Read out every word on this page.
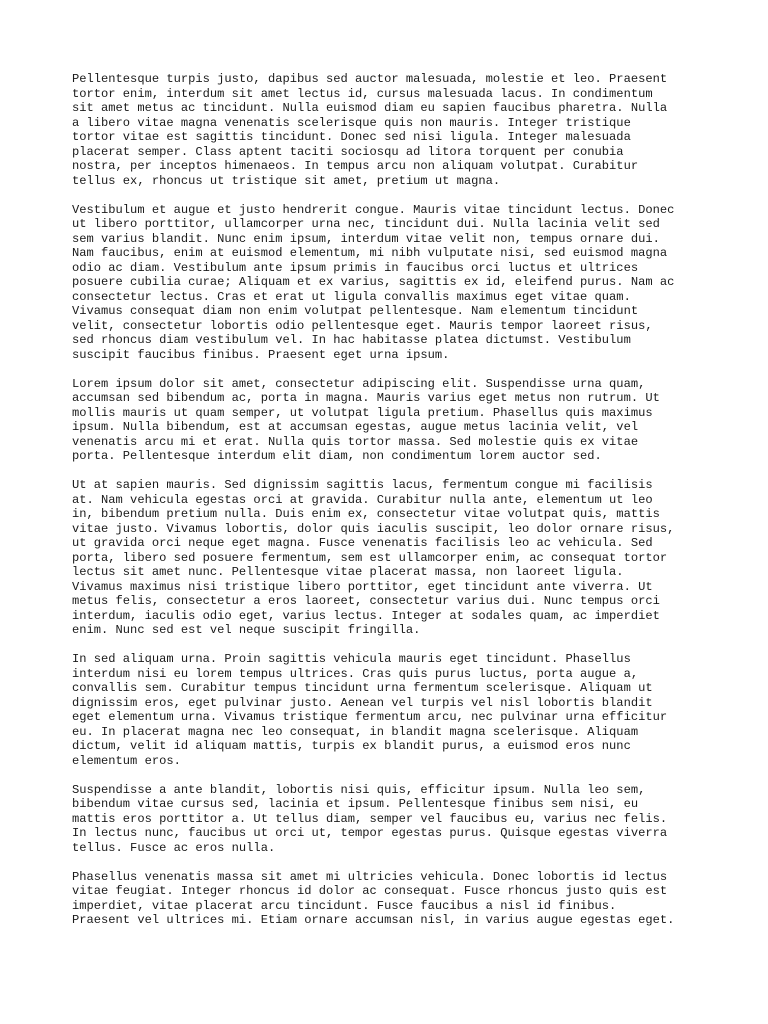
Pellentesque turpis justo, dapibus sed auctor malesuada, molestie et leo. Praesent
tortor enim, interdum sit amet lectus id, cursus malesuada lacus. In condimentum
sit amet metus ac tincidunt. Nulla euismod diam eu sapien faucibus pharetra. Nulla
a libero vitae magna venenatis scelerisque quis non mauris. Integer tristique
tortor vitae est sagittis tincidunt. Donec sed nisi ligula. Integer malesuada
placerat semper. Class aptent taciti sociosqu ad litora torquent per conubia
nostra, per inceptos himenaeos. In tempus arcu non aliquam volutpat. Curabitur
tellus ex, rhoncus ut tristique sit amet, pretium ut magna.

Vestibulum et augue et justo hendrerit congue. Mauris vitae tincidunt lectus. Donec
ut libero porttitor, ullamcorper urna nec, tincidunt dui. Nulla lacinia velit sed
sem varius blandit. Nunc enim ipsum, interdum vitae velit non, tempus ornare dui.
Nam faucibus, enim at euismod elementum, mi nibh vulputate nisi, sed euismod magna
odio ac diam. Vestibulum ante ipsum primis in faucibus orci luctus et ultrices
posuere cubilia curae; Aliquam et ex varius, sagittis ex id, eleifend purus. Nam ac
consectetur lectus. Cras et erat ut ligula convallis maximus eget vitae quam.
Vivamus consequat diam non enim volutpat pellentesque. Nam elementum tincidunt
velit, consectetur lobortis odio pellentesque eget. Mauris tempor laoreet risus,
sed rhoncus diam vestibulum vel. In hac habitasse platea dictumst. Vestibulum
suscipit faucibus finibus. Praesent eget urna ipsum.

Lorem ipsum dolor sit amet, consectetur adipiscing elit. Suspendisse urna quam,
accumsan sed bibendum ac, porta in magna. Mauris varius eget metus non rutrum. Ut
mollis mauris ut quam semper, ut volutpat ligula pretium. Phasellus quis maximus
ipsum. Nulla bibendum, est at accumsan egestas, augue metus lacinia velit, vel
venenatis arcu mi et erat. Nulla quis tortor massa. Sed molestie quis ex vitae
porta. Pellentesque interdum elit diam, non condimentum lorem auctor sed.

Ut at sapien mauris. Sed dignissim sagittis lacus, fermentum congue mi facilisis
at. Nam vehicula egestas orci at gravida. Curabitur nulla ante, elementum ut leo
in, bibendum pretium nulla. Duis enim ex, consectetur vitae volutpat quis, mattis
vitae justo. Vivamus lobortis, dolor quis iaculis suscipit, leo dolor ornare risus,
ut gravida orci neque eget magna. Fusce venenatis facilisis leo ac vehicula. Sed
porta, libero sed posuere fermentum, sem est ullamcorper enim, ac consequat tortor
lectus sit amet nunc. Pellentesque vitae placerat massa, non laoreet ligula.
Vivamus maximus nisi tristique libero porttitor, eget tincidunt ante viverra. Ut
metus felis, consectetur a eros laoreet, consectetur varius dui. Nunc tempus orci
interdum, iaculis odio eget, varius lectus. Integer at sodales quam, ac imperdiet
enim. Nunc sed est vel neque suscipit fringilla.

In sed aliquam urna. Proin sagittis vehicula mauris eget tincidunt. Phasellus
interdum nisi eu lorem tempus ultrices. Cras quis purus luctus, porta augue a,
convallis sem. Curabitur tempus tincidunt urna fermentum scelerisque. Aliquam ut
dignissim eros, eget pulvinar justo. Aenean vel turpis vel nisl lobortis blandit
eget elementum urna. Vivamus tristique fermentum arcu, nec pulvinar urna efficitur
eu. In placerat magna nec leo consequat, in blandit magna scelerisque. Aliquam
dictum, velit id aliquam mattis, turpis ex blandit purus, a euismod eros nunc
elementum eros.

Suspendisse a ante blandit, lobortis nisi quis, efficitur ipsum. Nulla leo sem,
bibendum vitae cursus sed, lacinia et ipsum. Pellentesque finibus sem nisi, eu
mattis eros porttitor a. Ut tellus diam, semper vel faucibus eu, varius nec felis.
In lectus nunc, faucibus ut orci ut, tempor egestas purus. Quisque egestas viverra
tellus. Fusce ac eros nulla.

Phasellus venenatis massa sit amet mi ultricies vehicula. Donec lobortis id lectus
vitae feugiat. Integer rhoncus id dolor ac consequat. Fusce rhoncus justo quis est
imperdiet, vitae placerat arcu tincidunt. Fusce faucibus a nisl id finibus.
Praesent vel ultrices mi. Etiam ornare accumsan nisl, in varius augue egestas eget.
